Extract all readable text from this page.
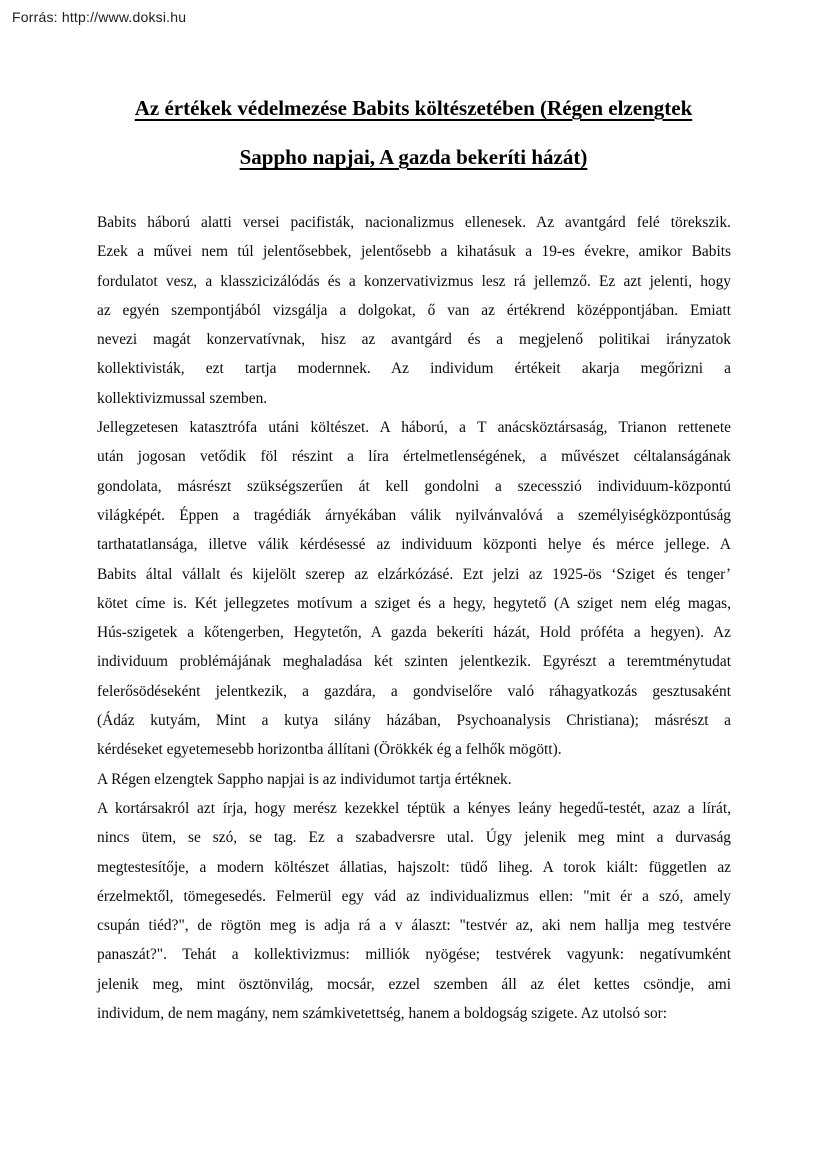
Forrás: http://www.doksi.hu
Az értékek védelmezése Babits költészetében (Régen elzengtek
Sappho napjai, A gazda bekeríti házát)
Babits háború alatti versei pacifisták, nacionalizmus ellenesek. Az avantgárd felé törekszik.
Ezek a művei nem túl jelentősebbek, jelentősebb a kihatásuk a 19-es évekre, amikor Babits
fordulatot vesz, a klasszicizálódás és a konzervativizmus lesz rá jellemző. Ez azt jelenti, hogy
az egyén szempontjából vizsgálja a dolgokat, ő van az értékrend középpontjában. Emiatt
nevezi magát konzervatívnak, hisz az avantgárd és a megjelenő politikai irányzatok
kollektivisták, ezt tartja modernnek. Az individum értékeit akarja megőrizni a
kollektivizmussal szemben.
Jellegzetesen katasztrófa utáni költészet. A háború, a T anácsköztársaság, Trianon rettenete
után jogosan vetődik föl részint a líra értelmetlenségének, a művészet céltalanságának
gondolata, másrészt szükségszerűen át kell gondolni a szecesszió individuum-központú
világképét. Éppen a tragédiák árnyékában válik nyilvánvalóvá a személyiségközpontúság
tarthatatlansága, illetve válik kérdésessé az individuum központi helye és mérce jellege. A
Babits által vállalt és kijelölt szerep az elzárkózásé. Ezt jelzi az 1925-ös ‘Sziget és tenger’
kötet címe is. Két jellegzetes motívum a sziget és a hegy, hegytető (A sziget nem elég magas,
Hús-szigetek a kőtengerben, Hegytetőn, A gazda bekeríti házát, Hold próféta a hegyen). Az
individuum problémájának meghaladása két szinten jelentkezik. Egyrészt a teremtménytudat
felerősödéseként jelentkezik, a gazdára, a gondviselőre való ráhagyatkozás gesztusaként
(Ádáz kutyám, Mint a kutya silány házában, Psychoanalysis Christiana); másrészt a
kérdéseket egyetemesebb horizontba állítani (Örökkék ég a felhők mögött).
A Régen elzengtek Sappho napjai is az individumot tartja értéknek.
A kortársakról azt írja, hogy merész kezekkel téptük a kényes leány hegedű-testét, azaz a lírát,
nincs ütem, se szó, se tag. Ez a szabadversre utal. Úgy jelenik meg mint a durvaság
megtestesítője, a modern költészet állatias, hajszolt: tüdő liheg. A torok kiált: független az
érzelmektől, tömegesedés. Felmerül egy vád az individualizmus ellen: "mit ér a szó, amely
csupán tiéd?", de rögtön meg is adja rá a v álaszt: "testvér az, aki nem hallja meg testvére
panaszát?". Tehát a kollektivizmus: milliók nyögése; testvérek vagyunk: negatívumként
jelenik meg, mint ösztönvilág, mocsár, ezzel szemben áll az élet kettes csöndje, ami
individum, de nem magány, nem számkivetettség, hanem a boldogság szigete. Az utolsó sor:
